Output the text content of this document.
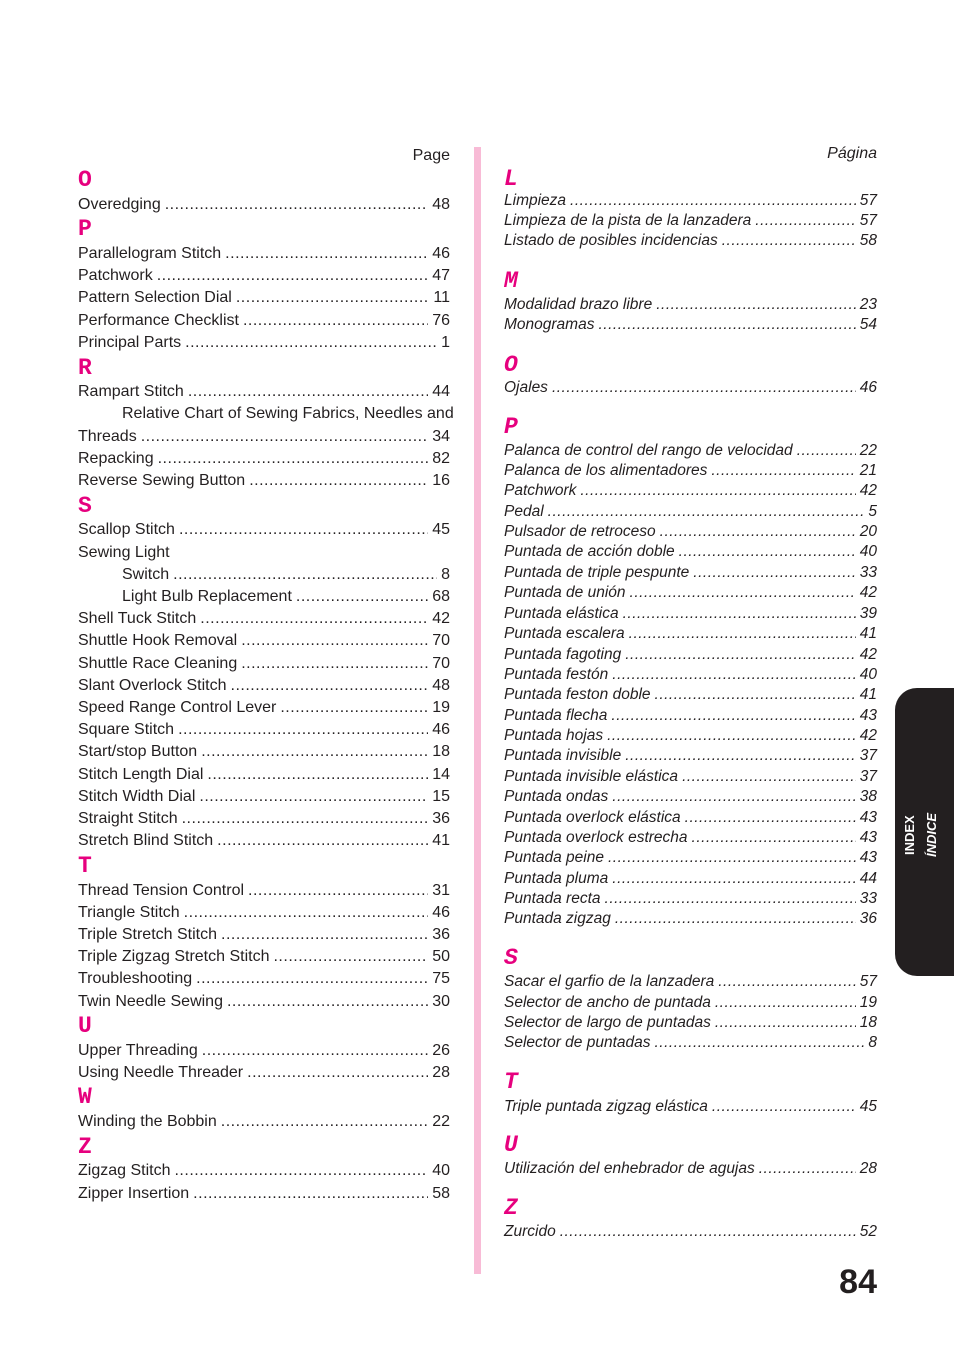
Page
O
Overedging .....	48
P
Parallelogram Stitch .....	46
Patchwork .....	47
Pattern Selection Dial .....	11
Performance Checklist .....	76
Principal Parts .....	1
R
Rampart Stitch .....	44
Relative Chart of Sewing Fabrics, Needles and
Threads .....	34
Repacking .....	82
Reverse Sewing Button .....	16
S
Scallop Stitch .....	45
Sewing Light
Switch .....	8
Light Bulb Replacement .....	68
Shell Tuck Stitch .....	42
Shuttle Hook Removal .....	70
Shuttle Race Cleaning .....	70
Slant Overlock Stitch .....	48
Speed Range Control Lever .....	19
Square Stitch .....	46
Start/stop Button .....	18
Stitch Length Dial .....	14
Stitch Width Dial .....	15
Straight Stitch .....	36
Stretch Blind Stitch .....	41
T
Thread Tension Control .....	31
Triangle Stitch .....	46
Triple Stretch Stitch .....	36
Triple Zigzag Stretch Stitch .....	50
Troubleshooting .....	75
Twin Needle Sewing .....	30
U
Upper Threading .....	26
Using Needle Threader .....	28
W
Winding the Bobbin .....	22
Z
Zigzag Stitch .....	40
Zipper Insertion .....	58
Página
L
Limpieza .....	57
Limpieza de la pista de la lanzadera .....	57
Listado de posibles incidencias .....	58
M
Modalidad brazo libre .....	23
Monogramas .....	54
O
Ojales .....	46
P
Palanca de control del rango de velocidad .....	22
Palanca de los alimentadores .....	21
Patchwork .....	42
Pedal .....	5
Pulsador de retroceso .....	20
Puntada de acción doble .....	40
Puntada de triple pespunte .....	33
Puntada de unión .....	42
Puntada elástica .....	39
Puntada escalera .....	41
Puntada fagoting .....	42
Puntada festón .....	40
Puntada feston doble .....	41
Puntada flecha .....	43
Puntada hojas .....	42
Puntada invisible .....	37
Puntada invisible elástica .....	37
Puntada ondas .....	38
Puntada overlock elástica .....	43
Puntada overlock estrecha .....	43
Puntada peine .....	43
Puntada pluma .....	44
Puntada recta .....	33
Puntada zigzag .....	36
S
Sacar el garfio de la lanzadera .....	57
Selector de ancho de puntada .....	19
Selector de largo de puntadas .....	18
Selector de puntadas .....	8
T
Triple puntada zigzag elástica .....	45
U
Utilización del enhebrador de agujas .....	28
Z
Zurcido .....	52
INDEX ÍNDICE
84
